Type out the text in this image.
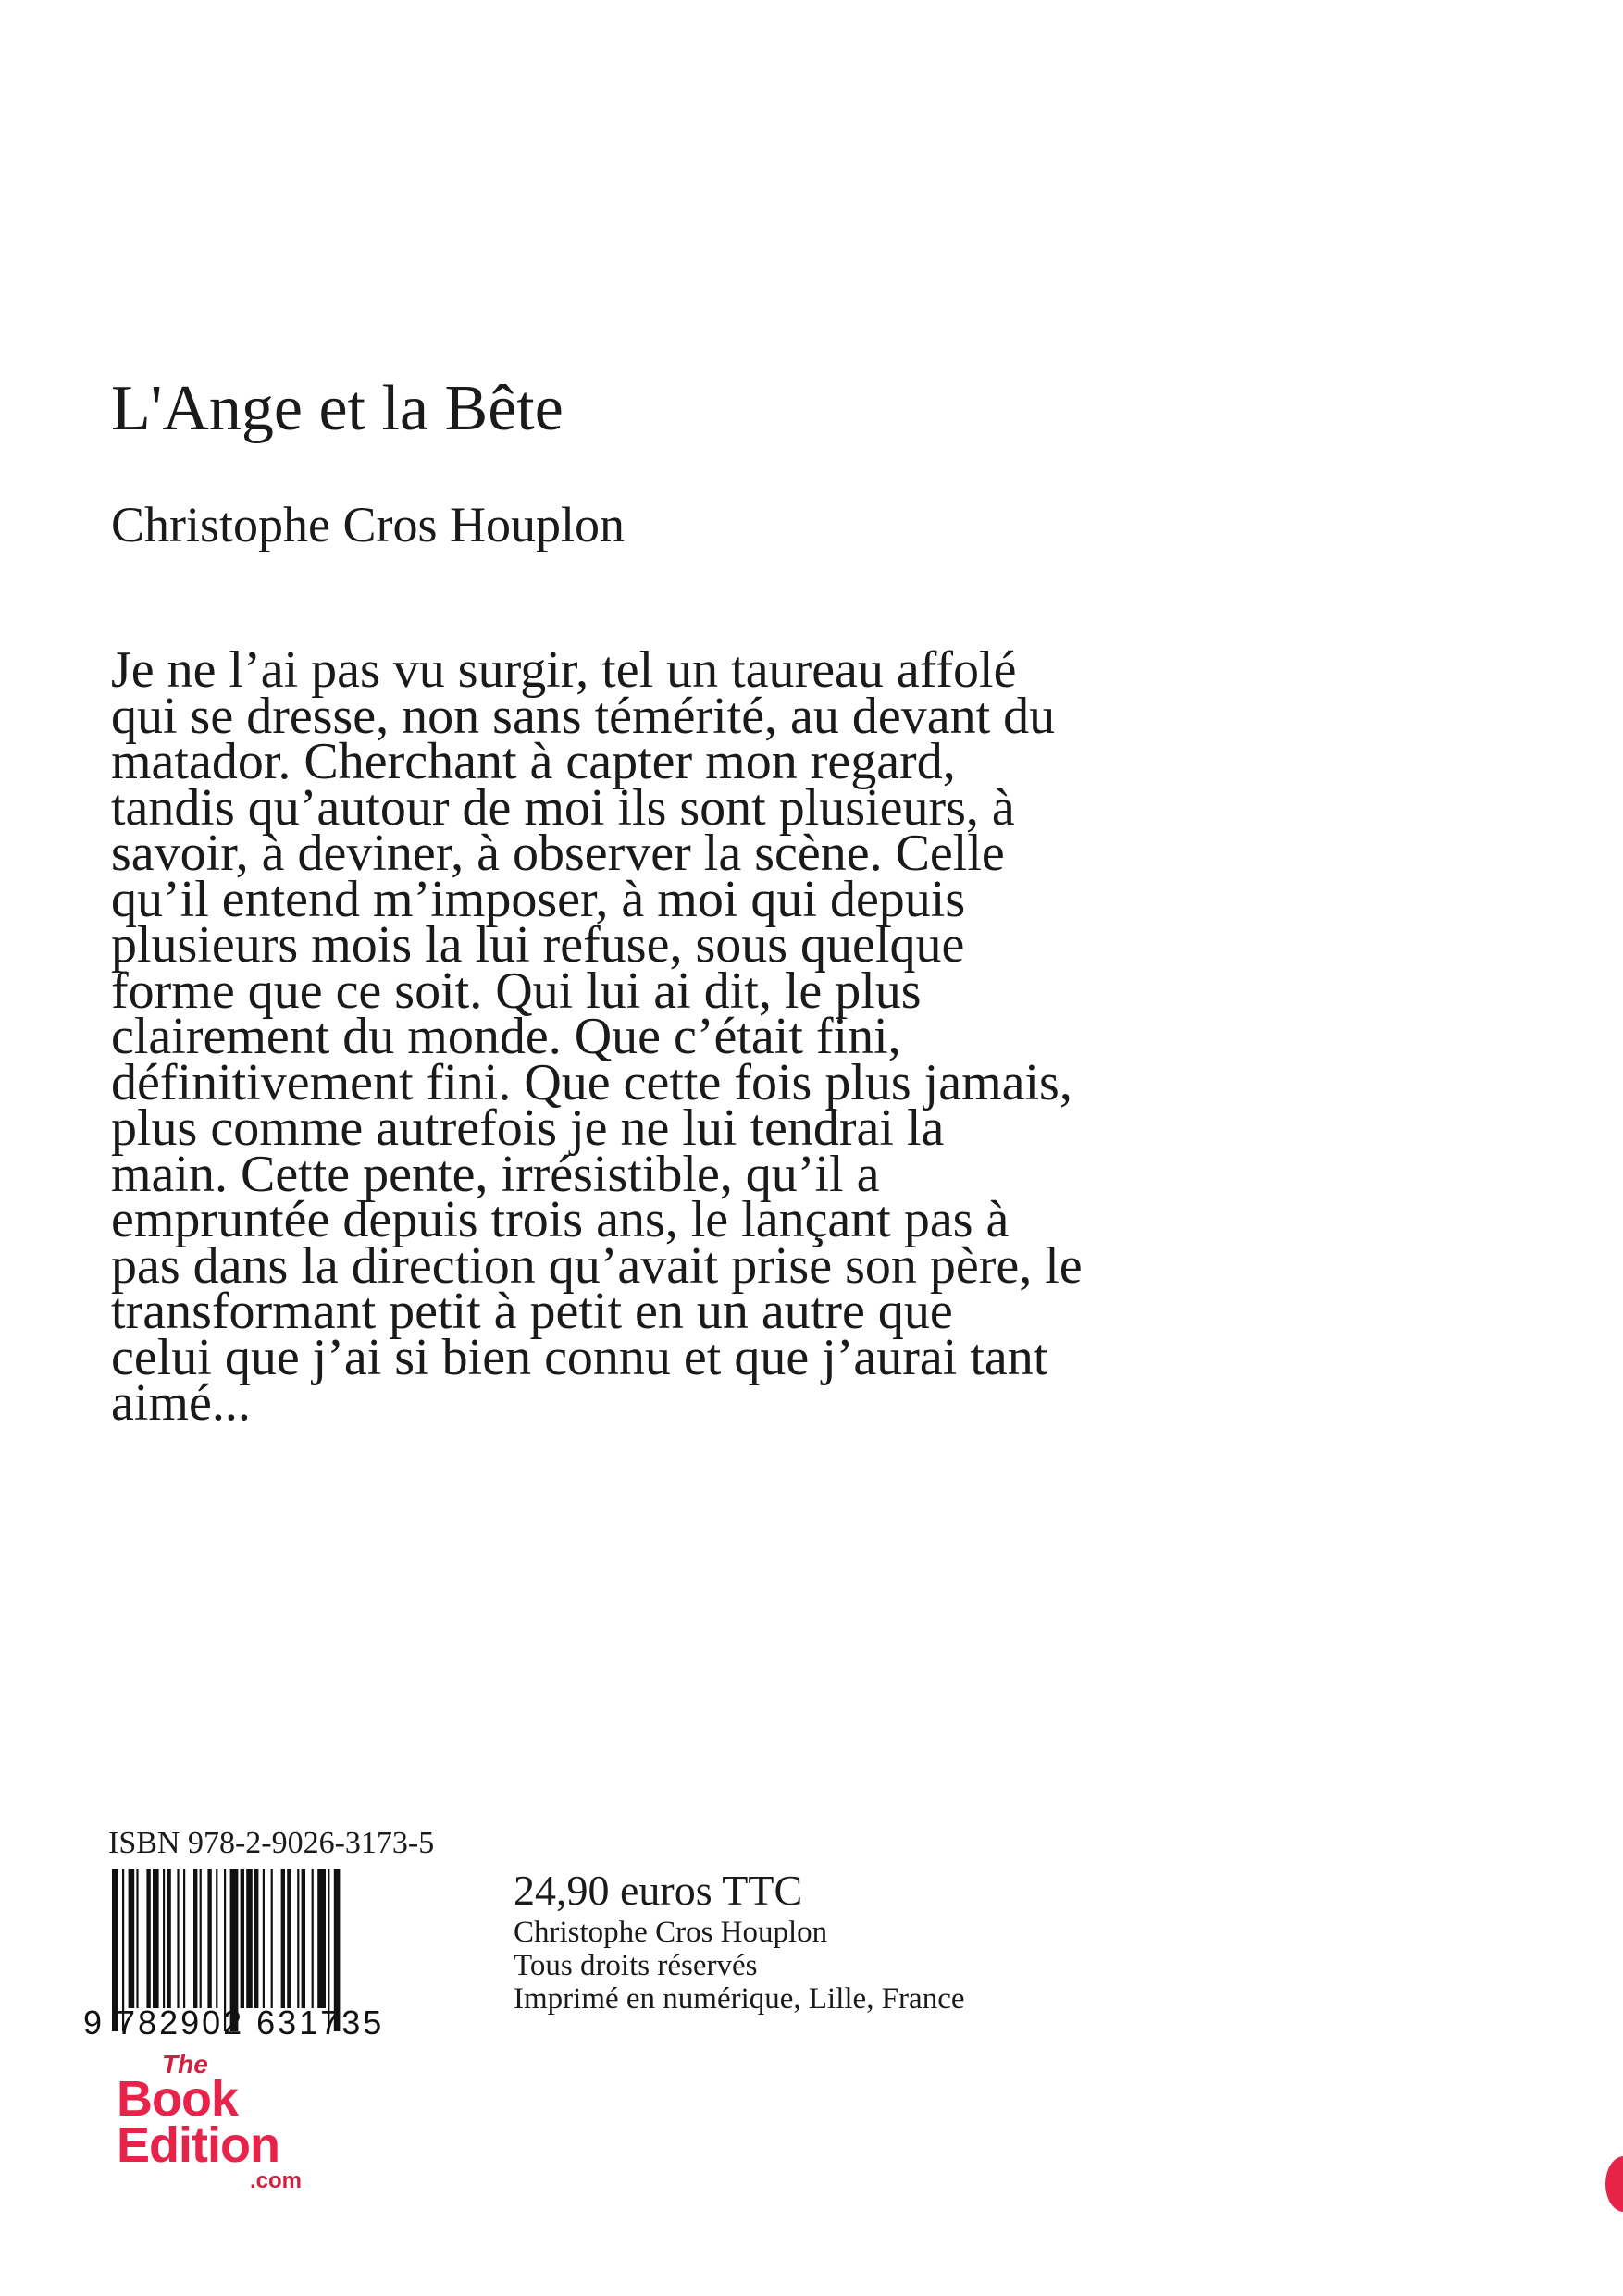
L'Ange et la Bête
Christophe Cros Houplon

Je ne l’ai pas vu surgir, tel un taureau affolé
qui se dresse, non sans témérité, au devant du
matador. Cherchant à capter mon regard,
tandis qu’autour de moi ils sont plusieurs, à
savoir, à deviner, à observer la scène. Celle
qu’il entend m’imposer, à moi qui depuis
plusieurs mois la lui refuse, sous quelque
forme que ce soit. Qui lui ai dit, le plus
clairement du monde. Que c’était fini,
définitivement fini. Que cette fois plus jamais,
plus comme autrefois je ne lui tendrai la
main. Cette pente, irrésistible, qu’il a
empruntée depuis trois ans, le lançant pas à
pas dans la direction qu’avait prise son père, le
transformant petit à petit en un autre que
celui que j’ai si bien connu et que j’aurai tant
aimé...

ISBN 978-2-9026-3173-5
9 782902 631735
24,90 euros TTC
Christophe Cros Houplon
Tous droits réservés
Imprimé en numérique, Lille, France
The
Book
Edition
.com
